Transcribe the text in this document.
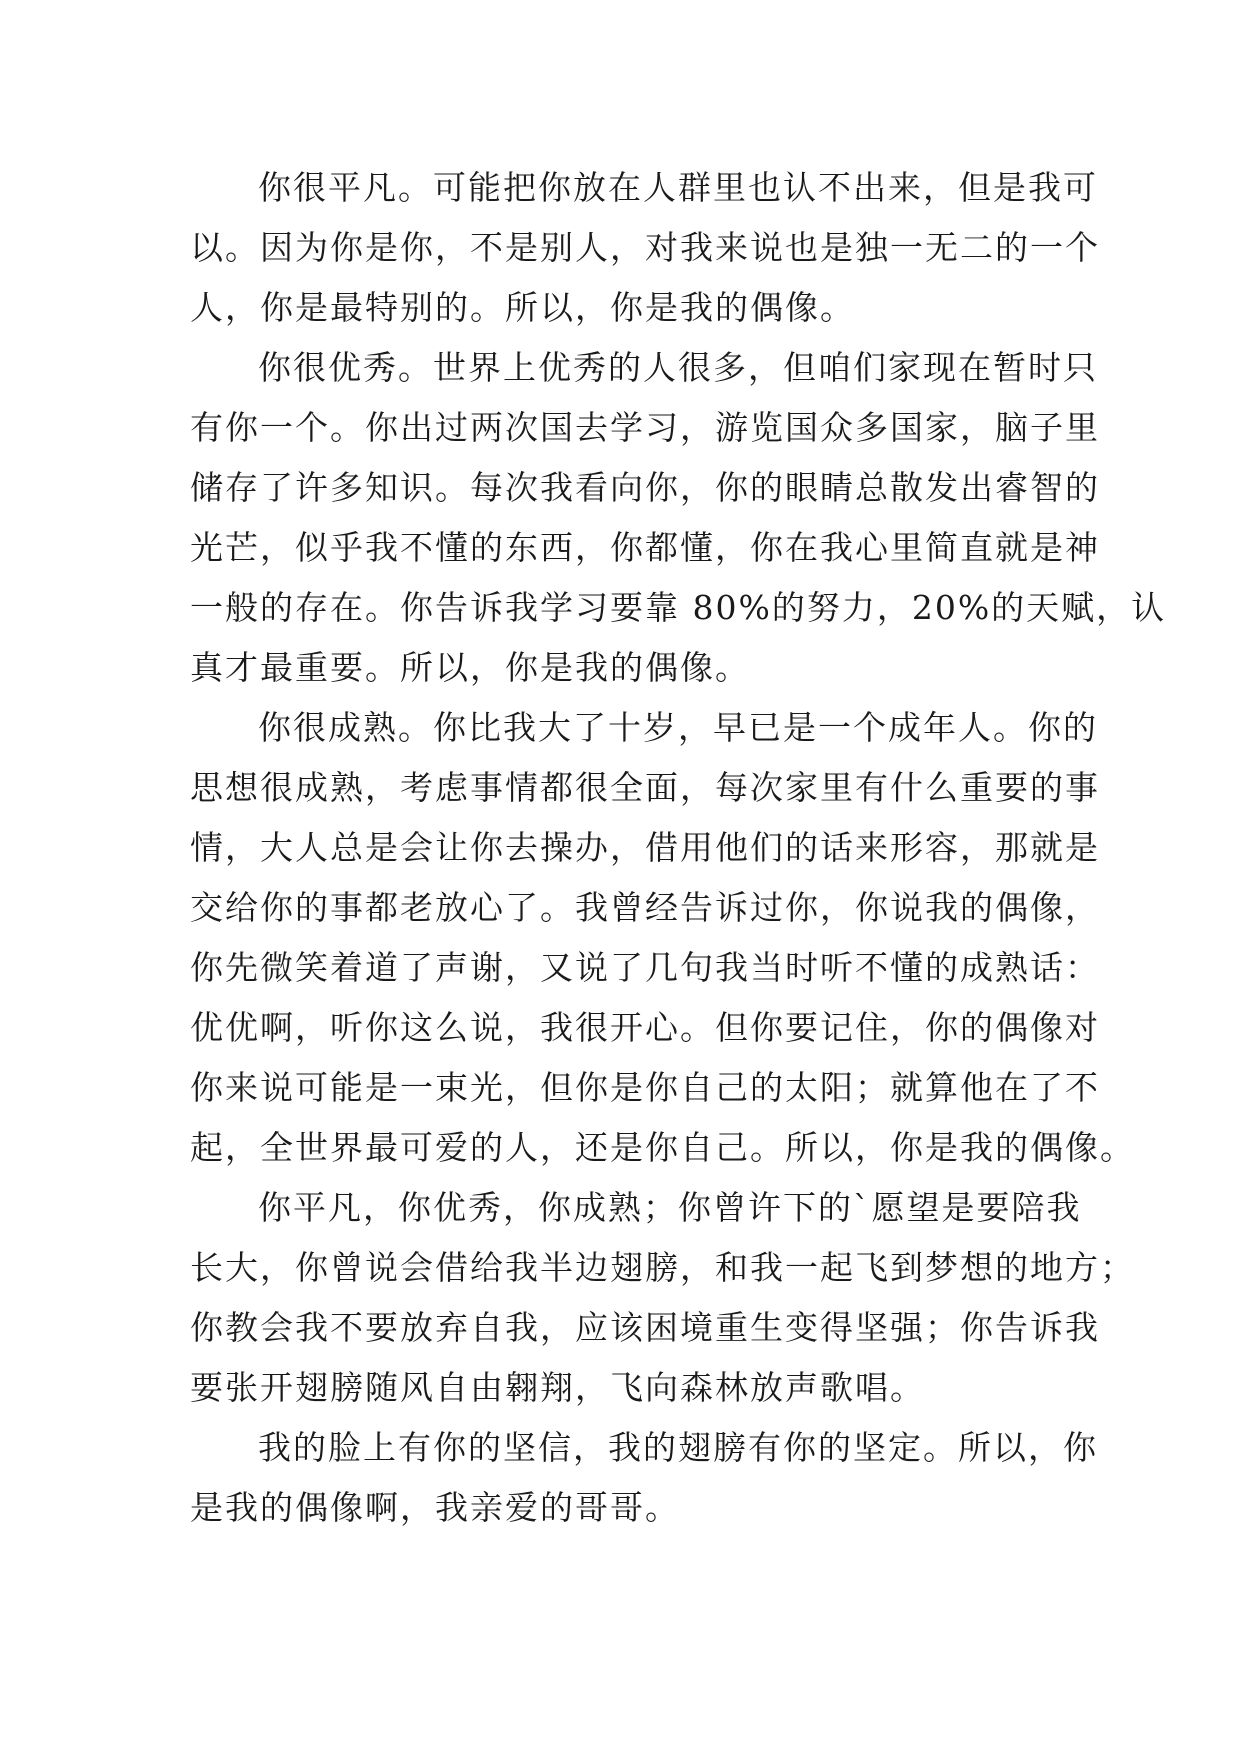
你很平凡。可能把你放在人群里也认不出来，但是我可
以。因为你是你，不是别人，对我来说也是独一无二的一个
人，你是最特别的。所以，你是我的偶像。

你很优秀。世界上优秀的人很多，但咱们家现在暂时只
有你一个。你出过两次国去学习，游览国众多国家，脑子里
储存了许多知识。每次我看向你，你的眼睛总散发出睿智的
光芒，似乎我不懂的东西，你都懂，你在我心里简直就是神
一般的存在。你告诉我学习要靠 80%的努力，20%的天赋，认
真才最重要。所以，你是我的偶像。

你很成熟。你比我大了十岁，早已是一个成年人。你的
思想很成熟，考虑事情都很全面，每次家里有什么重要的事
情，大人总是会让你去操办，借用他们的话来形容，那就是
交给你的事都老放心了。我曾经告诉过你，你说我的偶像，
你先微笑着道了声谢，又说了几句我当时听不懂的成熟话：
优优啊，听你这么说，我很开心。但你要记住，你的偶像对
你来说可能是一束光，但你是你自己的太阳；就算他在了不
起，全世界最可爱的人，还是你自己。所以，你是我的偶像。

你平凡，你优秀，你成熟；你曾许下的`愿望是要陪我
长大，你曾说会借给我半边翅膀，和我一起飞到梦想的地方；
你教会我不要放弃自我，应该困境重生变得坚强；你告诉我
要张开翅膀随风自由翱翔，飞向森林放声歌唱。

我的脸上有你的坚信，我的翅膀有你的坚定。所以，你
是我的偶像啊，我亲爱的哥哥。
